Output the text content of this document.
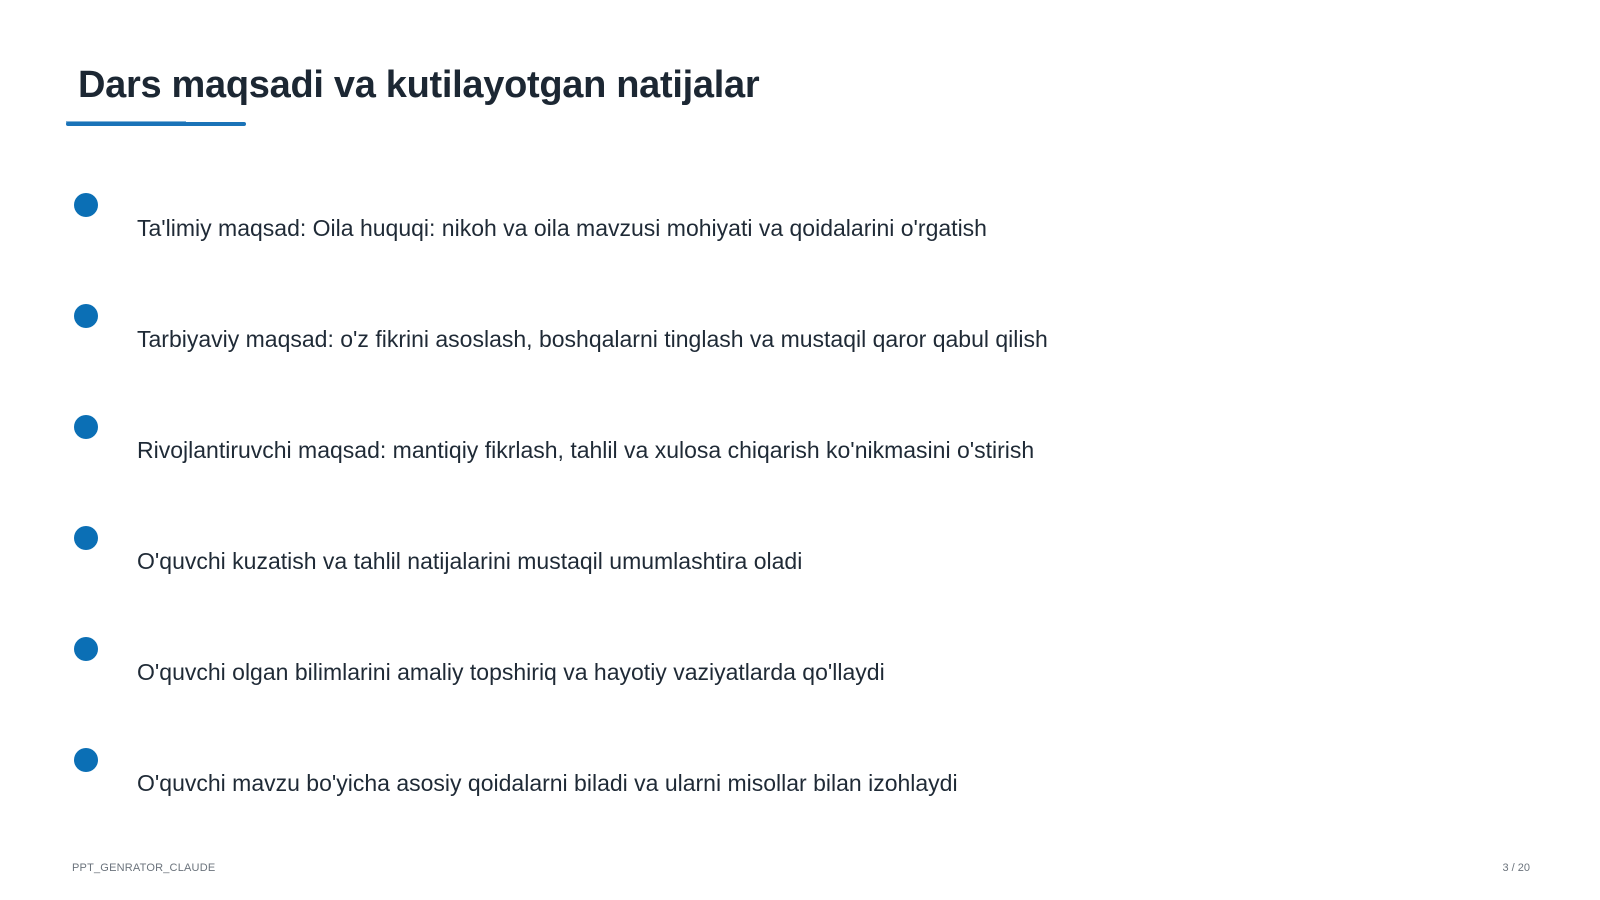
Dars maqsadi va kutilayotgan natijalar
Ta'limiy maqsad: Oila huquqi: nikoh va oila mavzusi mohiyati va qoidalarini o'rgatish
Tarbiyaviy maqsad: o'z fikrini asoslash, boshqalarni tinglash va mustaqil qaror qabul qilish
Rivojlantiruvchi maqsad: mantiqiy fikrlash, tahlil va xulosa chiqarish ko'nikmasini o'stirish
O'quvchi kuzatish va tahlil natijalarini mustaqil umumlashtira oladi
O'quvchi olgan bilimlarini amaliy topshiriq va hayotiy vaziyatlarda qo'llaydi
O'quvchi mavzu bo'yicha asosiy qoidalarni biladi va ularni misollar bilan izohlaydi
PPT_GENRATOR_CLAUDE	3 / 20
